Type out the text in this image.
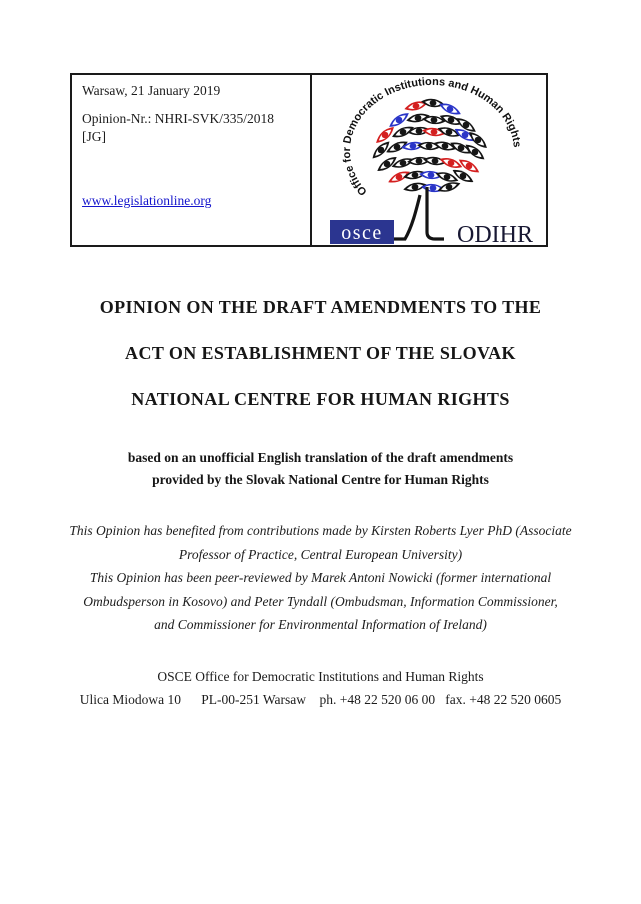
Warsaw, 21 January 2019

Opinion-Nr.: NHRI-SVK/335/2018 [JG]

www.legislationline.org
Office for Democratic Institutions and Human Rights
osce	ODIHR
OPINION ON THE DRAFT AMENDMENTS TO THE
ACT ON ESTABLISHMENT OF THE SLOVAK
NATIONAL CENTRE FOR HUMAN RIGHTS
based on an unofficial English translation of the draft amendments
provided by the Slovak National Centre for Human Rights
This Opinion has benefited from contributions made by Kirsten Roberts Lyer PhD (Associate
Professor of Practice, Central European University)
This Opinion has been peer-reviewed by Marek Antoni Nowicki (former international
Ombudsperson in Kosovo) and Peter Tyndall (Ombudsman, Information Commissioner,
and Commissioner for Environmental Information of Ireland)
OSCE Office for Democratic Institutions and Human Rights
Ulica Miodowa 10      PL-00-251 Warsaw    ph. +48 22 520 06 00   fax. +48 22 520 0605
